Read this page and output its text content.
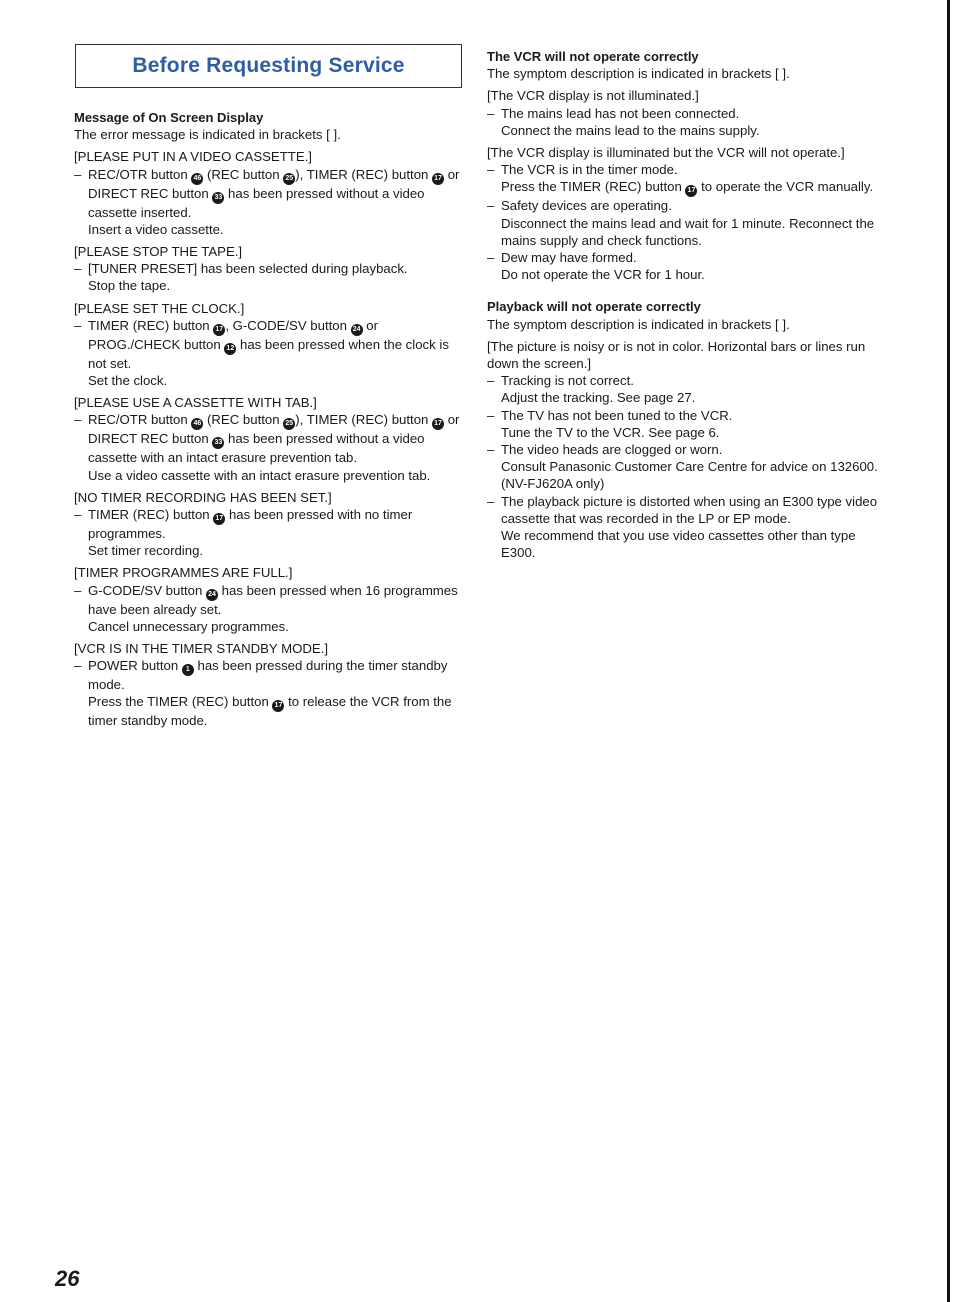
Before Requesting Service

Message of On Screen Display

The error message is indicated in brackets [ ].

[PLEASE PUT IN A VIDEO CASSETTE.]

– REC/OTR button 46 (REC button 25 ), TIMER (REC) button 17 or DIRECT REC button 33 has been pressed without a video cassette inserted.

Insert a video cassette.

[PLEASE STOP THE TAPE.]

– [TUNER PRESET] has been selected during playback.

Stop the tape.

[PLEASE SET THE CLOCK.]

– TIMER (REC) button 17 , G-CODE/SV button 24 or PROG./CHECK button 12 has been pressed when the clock is not set.

Set the clock.

[PLEASE USE A CASSETTE WITH TAB.]

– REC/OTR button 46 (REC button 25 ), TIMER (REC) button 17 or DIRECT REC button 33 has been pressed without a video cassette with an intact erasure prevention tab.

Use a video cassette with an intact erasure prevention tab.

[NO TIMER RECORDING HAS BEEN SET.]

– TIMER (REC) button 17 has been pressed with no timer programmes.

Set timer recording.

[TIMER PROGRAMMES ARE FULL.]

– G-CODE/SV button 24 has been pressed when 16 programmes have been already set.

Cancel unnecessary programmes.

[VCR IS IN THE TIMER STANDBY MODE.]

– POWER button 1 has been pressed during the timer standby mode.

Press the TIMER (REC) button 17 to release the VCR from the timer standby mode.

The VCR will not operate correctly

The symptom description is indicated in brackets [ ].

[The VCR display is not illuminated.]

– The mains lead has not been connected.

Connect the mains lead to the mains supply.

[The VCR display is illuminated but the VCR will not operate.]

– The VCR is in the timer mode.

Press the TIMER (REC) button 17 to operate the VCR manually.

– Safety devices are operating.

Disconnect the mains lead and wait for 1 minute. Reconnect the mains supply and check functions.

– Dew may have formed.

Do not operate the VCR for 1 hour.

Playback will not operate correctly

The symptom description is indicated in brackets [ ].

[The picture is noisy or is not in color. Horizontal bars or lines run down the screen.]

– Tracking is not correct.

Adjust the tracking. See page 27.

– The TV has not been tuned to the VCR.

Tune the TV to the VCR. See page 6.

– The video heads are clogged or worn.

Consult Panasonic Customer Care Centre for advice on 132600. (NV-FJ620A only)

– The playback picture is distorted when using an E300 type video cassette that was recorded in the LP or EP mode.

We recommend that you use video cassettes other than type E300.

26
